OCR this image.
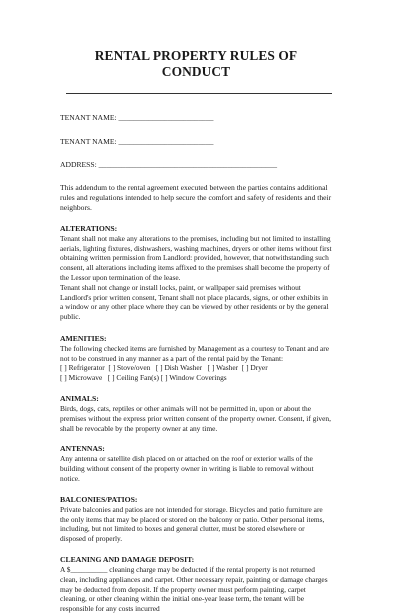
RENTAL PROPERTY RULES OF CONDUCT
TENANT NAME: _________________________
TENANT NAME: _________________________
ADDRESS: _______________________________________________

This addendum to the rental agreement executed between the parties contains additional rules and regulations intended to help secure the comfort and safety of residents and their neighbors.

ALTERATIONS:

Tenant shall not make any alterations to the premises, including but not limited to installing aerials, lighting fixtures, dishwashers, washing machines, dryers or other items without first obtaining written permission from Landlord: provided, however, that notwithstanding such consent, all alterations including items affixed to the premises shall become the property of the Lessor upon termination of the lease.

Tenant shall not change or install locks, paint, or wallpaper said premises without Landlord's prior written consent, Tenant shall not place placards, signs, or other exhibits in a window or any other place where they can be viewed by other residents or by the general public.

AMENITIES:

The following checked items are furnished by Management as a courtesy to Tenant and are not to be construed in any manner as a part of the rental paid by the Tenant:

[ ] Refrigerator  [ ] Stove/oven   [ ] Dish Washer   [ ] Washer  [ ] Dryer

[ ] Microwave   [ ] Ceiling Fan(s) [ ] Window Coverings

ANIMALS:

Birds, dogs, cats, reptiles or other animals will not be permitted in, upon or about the premises without the express prior written consent of the property owner. Consent, if given, shall be revocable by the property owner at any time.

ANTENNAS:

Any antenna or satellite dish placed on or attached on the roof or exterior walls of the building without consent of the property owner in writing is liable to removal without notice.

BALCONIES/PATIOS:

Private balconies and patios are not intended for storage. Bicycles and patio furniture are the only items that may be placed or stored on the balcony or patio. Other personal items, including, but not limited to boxes and general clutter, must be stored elsewhere or disposed of properly.

CLEANING AND DAMAGE DEPOSIT:

A $__________ cleaning charge may be deducted if the rental property is not returned clean, including appliances and carpet. Other necessary repair, painting or damage charges may be deducted from deposit. If the property owner must perform painting, carpet cleaning, or other cleaning within the initial one-year lease term, the tenant will be responsible for any costs incurred
